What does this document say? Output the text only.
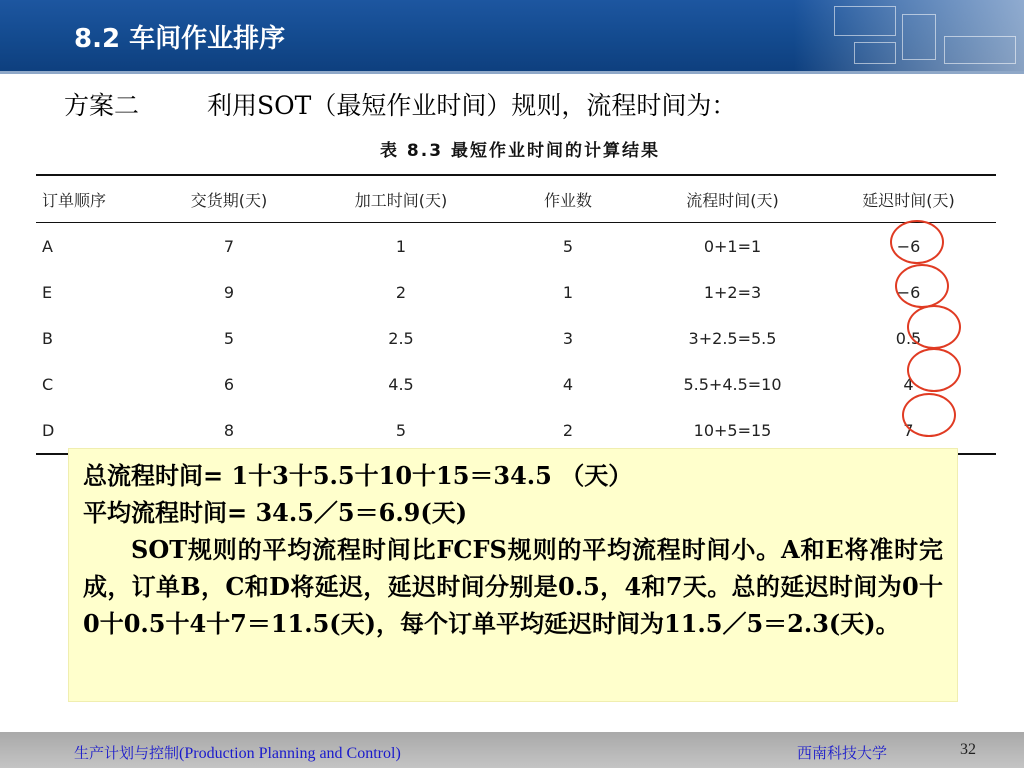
8.2 车间作业排序
方案二	利用SOT（最短作业时间）规则，流程时间为：
表 8.3 最短作业时间的计算结果
订单顺序	交货期(天)	加工时间(天)	作业数	流程时间(天)	延迟时间(天)
A	7	1	5	0+1=1	−6
E	9	2	1	1+2=3	−6
B	5	2.5	3	3+2.5=5.5	0.5
C	6	4.5	4	5.5+4.5=10	4
D	8	5	2	10+5=15	7

总流程时间= 1十3十5.5十10十15＝34.5 （天）

平均流程时间= 34.5／5＝6.9(天)

SOT规则的平均流程时间比FCFS规则的平均流程时间小。A和E将准时完成，订单B，C和D将延迟，延迟时间分别是0.5，4和7天。总的延迟时间为0十0十0.5十4十7＝11.5(天)，每个订单平均延迟时间为11.5／5＝2.3(天)。

生产计划与控制(Production Planning and Control)	西南科技大学	32
